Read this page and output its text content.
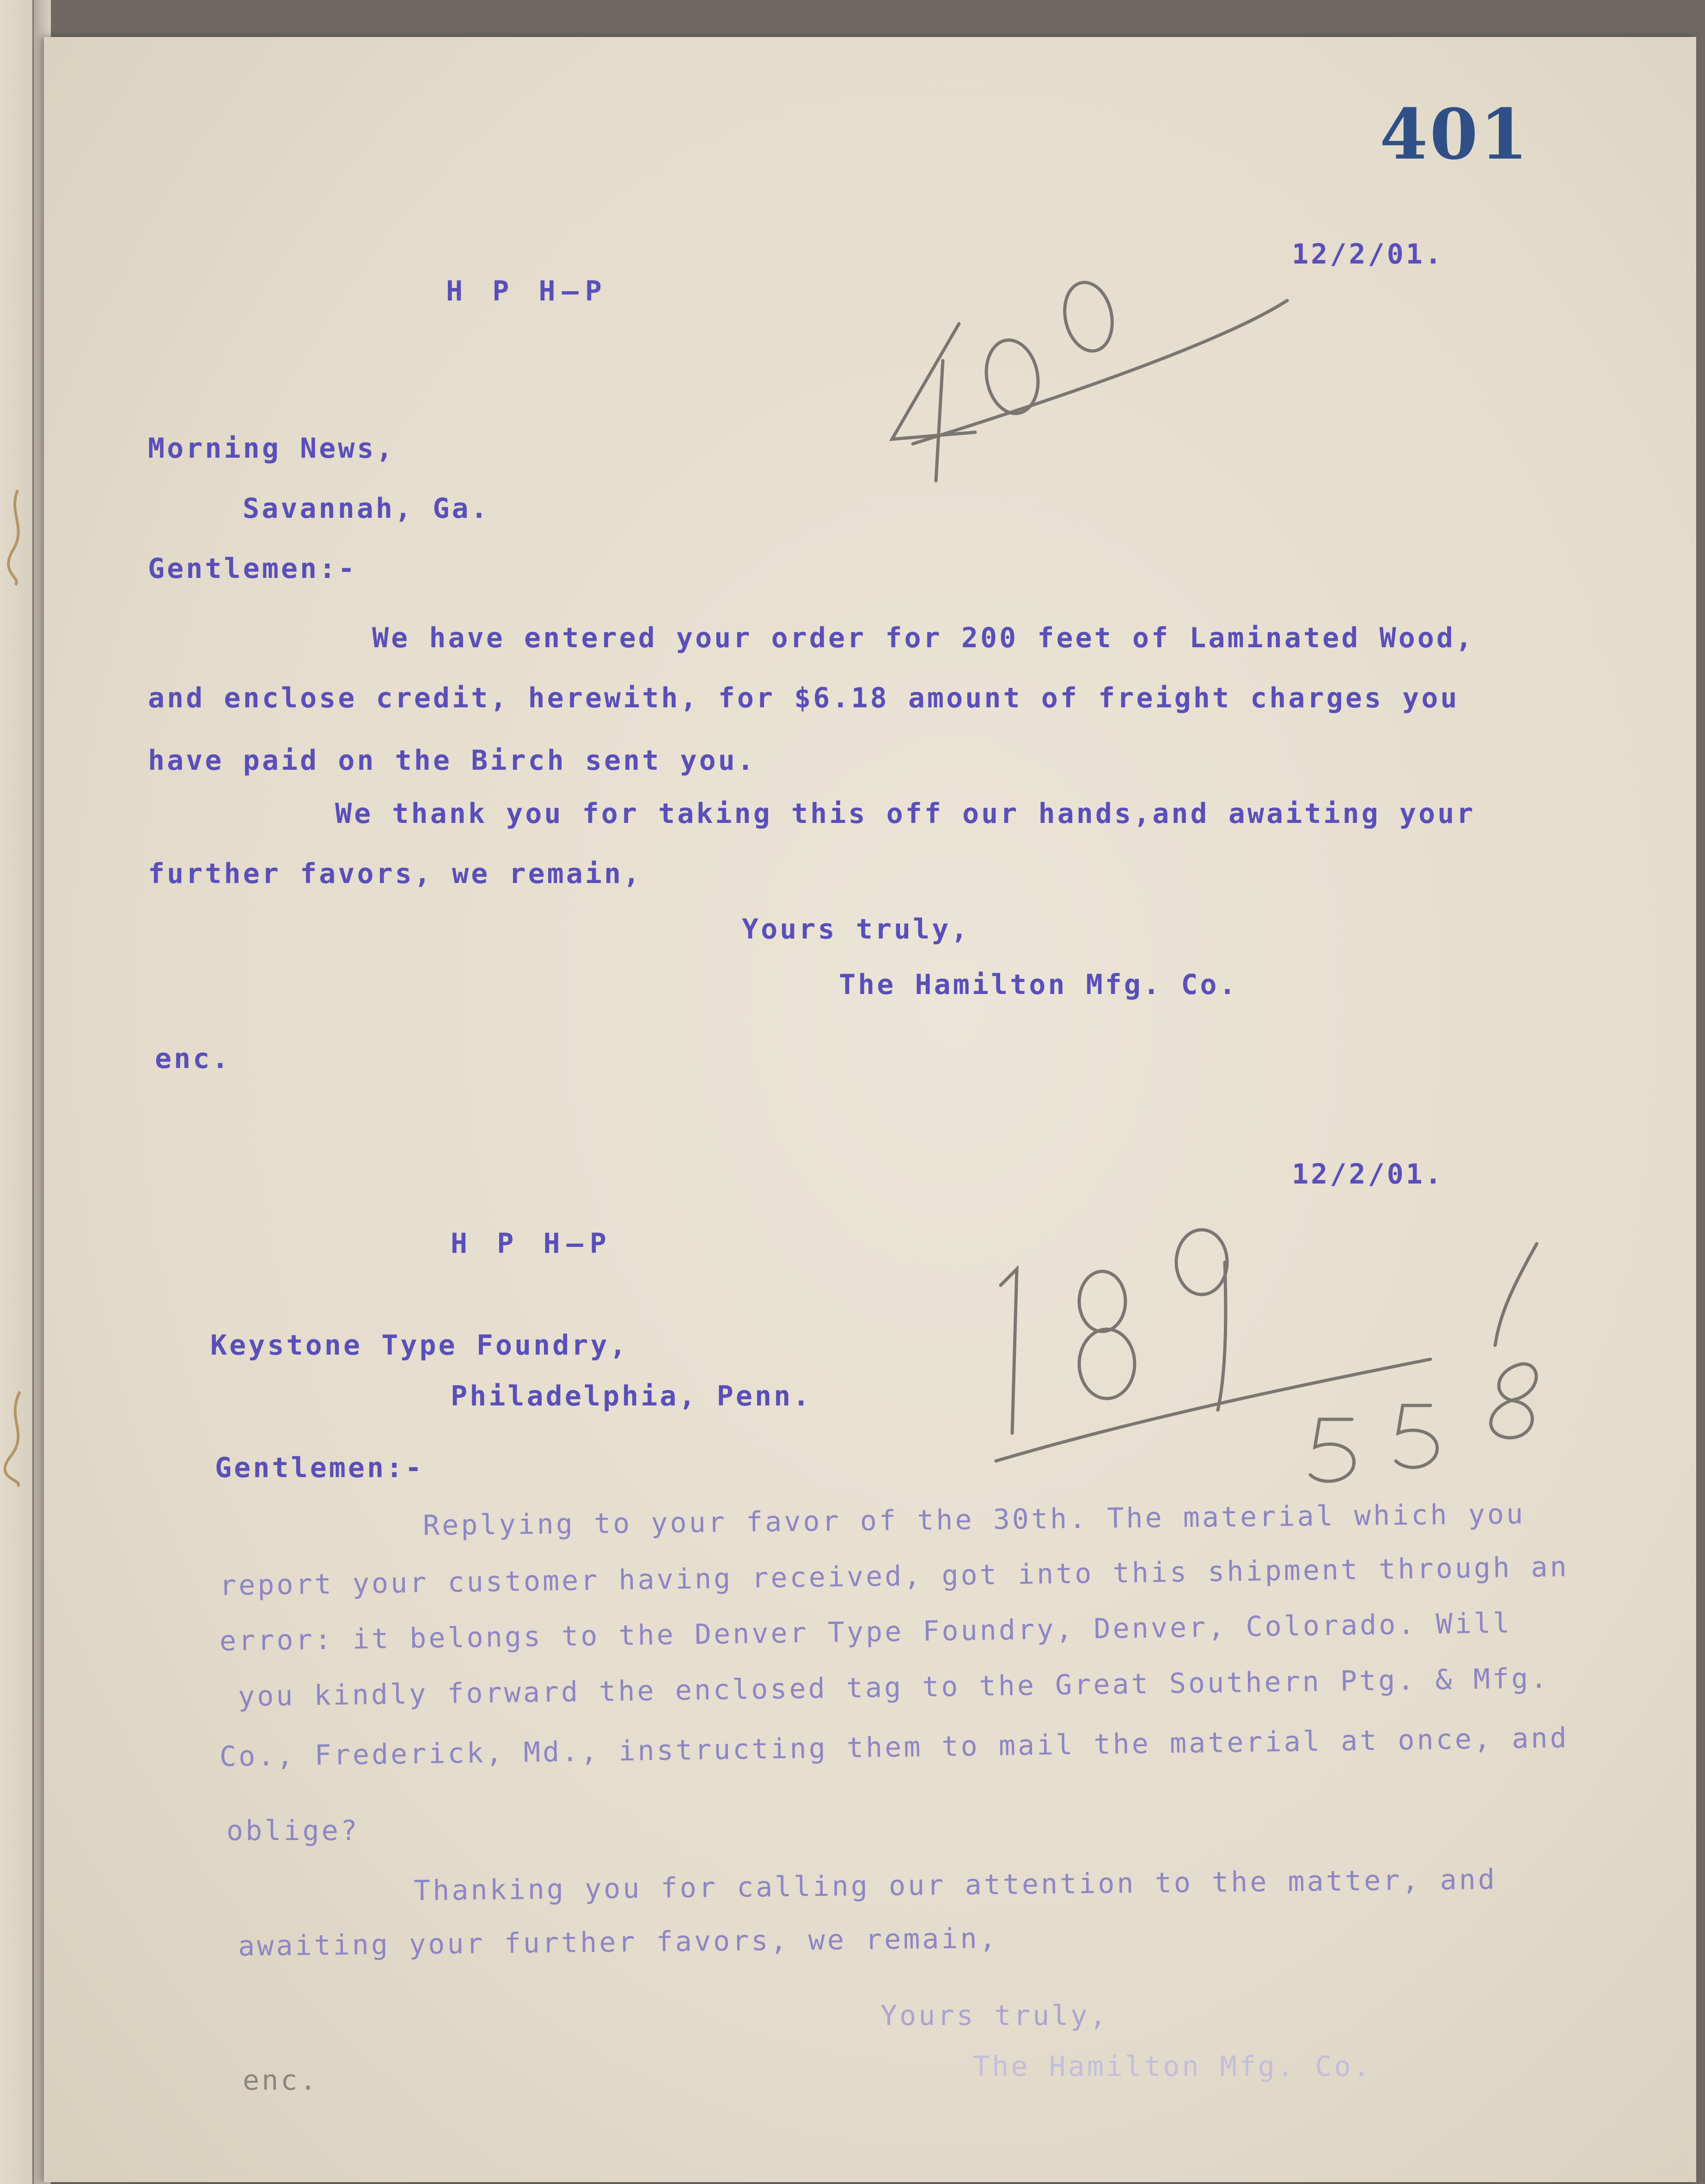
401
12/2/01.
H P H—P
Morning News,
Savannah, Ga.
Gentlemen:-
We have entered your order for 200 feet of Laminated Wood,
and enclose credit, herewith, for $6.18 amount of freight charges you
have paid on the Birch sent you.
We thank you for taking this off our hands,and awaiting your
further favors, we remain,
Yours truly,
The Hamilton Mfg. Co.
enc.
12/2/01.
H P H—P
Keystone Type Foundry,
Philadelphia, Penn.
Gentlemen:-
Replying to your favor of the 30th. The material which you
report your customer having received, got into this shipment through an
error: it belongs to the Denver Type Foundry, Denver, Colorado. Will
you kindly forward the enclosed tag to the Great Southern Ptg. & Mfg.
Co., Frederick, Md., instructing them to mail the material at once, and
oblige?
Thanking you for calling our attention to the matter, and
awaiting your further favors, we remain,
Yours truly,
The Hamilton Mfg. Co.
enc.
